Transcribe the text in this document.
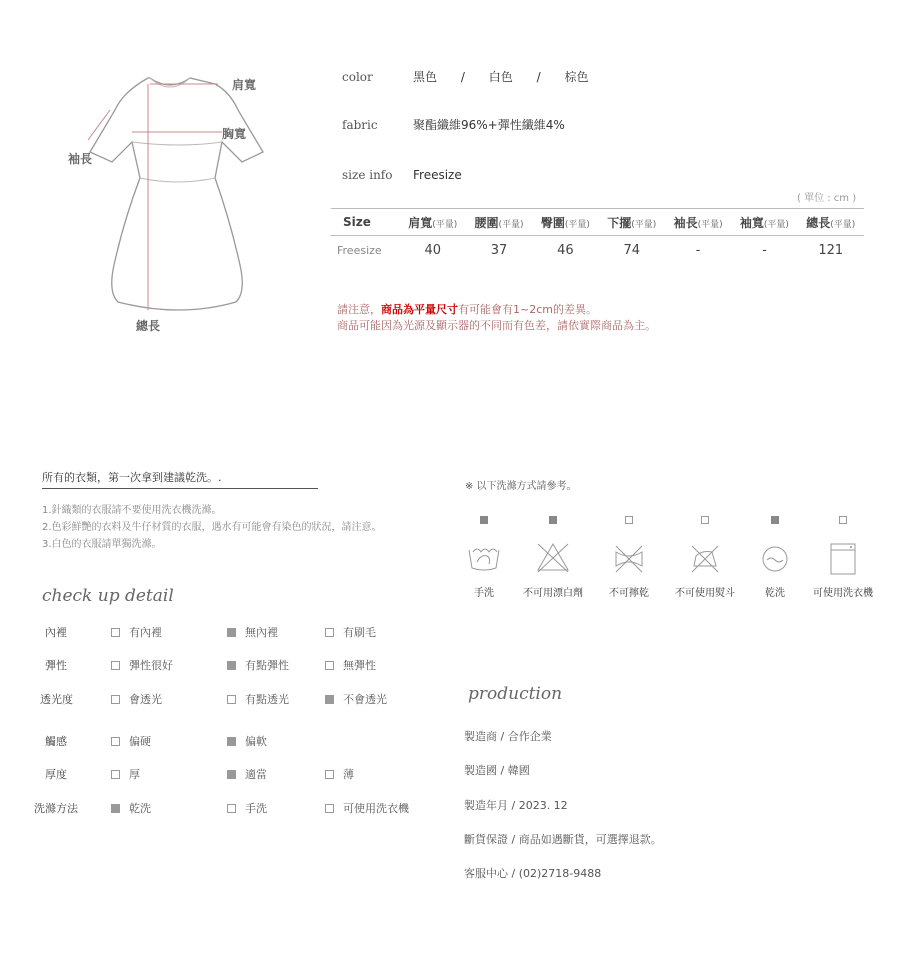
肩寬
胸寬
袖長
總長
color	黑色 / 白色 / 棕色
fabric	聚酯纖維96%+彈性纖維4%
size info Freesize
( 單位 : cm )
Size	肩寬(平量)	腰圍(平量)	臀圍(平量)	下擺(平量)	袖長(平量)	袖寬(平量)	總長(平量)
Freesize	40	37	46	74	-	-	121
請注意，商品為平量尺寸有可能會有1~2cm的差異。
商品可能因為光源及顯示器的不同而有色差，請依實際商品為主。
所有的衣類，第一次拿到建議乾洗。.
1.針織類的衣服請不要使用洗衣機洗滌。
2.色彩鮮艷的衣料及牛仔材質的衣服，遇水有可能會有染色的狀況，請注意。
3.白色的衣服請單獨洗滌。
check up detail
內裡	有內裡	無內裡	有刷毛
彈性	彈性很好	有點彈性	無彈性
透光度	會透光	有點透光	不會透光
觸感	偏硬	偏軟
厚度	厚	適當	薄
洗滌方法	乾洗	手洗	可使用洗衣機
※ 以下洗滌方式請參考。
手洗	不可用漂白劑	不可擰乾	不可使用熨斗	乾洗	可使用洗衣機
production
製造商 / 合作企業
製造國 / 韓國
製造年月 / 2023. 12
斷貨保證 / 商品如遇斷貨，可選擇退款。
客服中心 / (02)2718-9488
